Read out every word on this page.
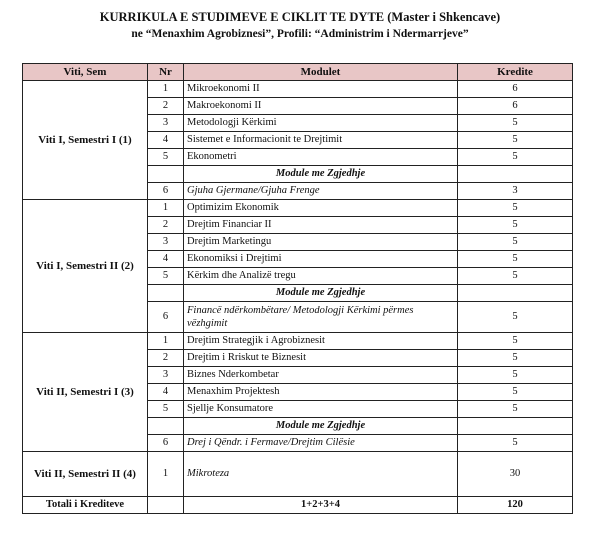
KURRIKULA E STUDIMEVE E CIKLIT TE DYTE (Master i Shkencave)
ne “Menaxhim Agrobiznesi”, Profili: “Administrim i Ndermarrjeve”
Viti, Sem	Nr	Modulet	Kredite
Viti I, Semestri I (1)	1	Mikroekonomi II	6
	2	Makroekonomi II	6
	3	Metodologji Kërkimi	5
	4	Sistemet e Informacionit te Drejtimit	5
	5	Ekonometri	5
		Module me Zgjedhje	
	6	Gjuha Gjermane/Gjuha Frenge	3
Viti I, Semestri II (2)	1	Optimizim Ekonomik	5
	2	Drejtim Financiar II	5
	3	Drejtim Marketingu	5
	4	Ekonomiksi i Drejtimi	5
	5	Kërkim dhe Analizë tregu	5
		Module me Zgjedhje	
	6	Financë ndërkombëtare/ Metodologji Kërkimi përmes vëzhgimit	5
Viti II, Semestri I (3)	1	Drejtim Strategjik i Agrobiznesit	5
	2	Drejtim i Rriskut te Biznesit	5
	3	Biznes Nderkombetar	5
	4	Menaxhim Projektesh	5
	5	Sjellje Konsumatore	5
		Module me Zgjedhje	
	6	Drej i Qëndr. i Fermave/Drejtim Cilësie	5
Viti II, Semestri II (4)	1	Mikroteza	30
Totali i Krediteve		1+2+3+4	120
